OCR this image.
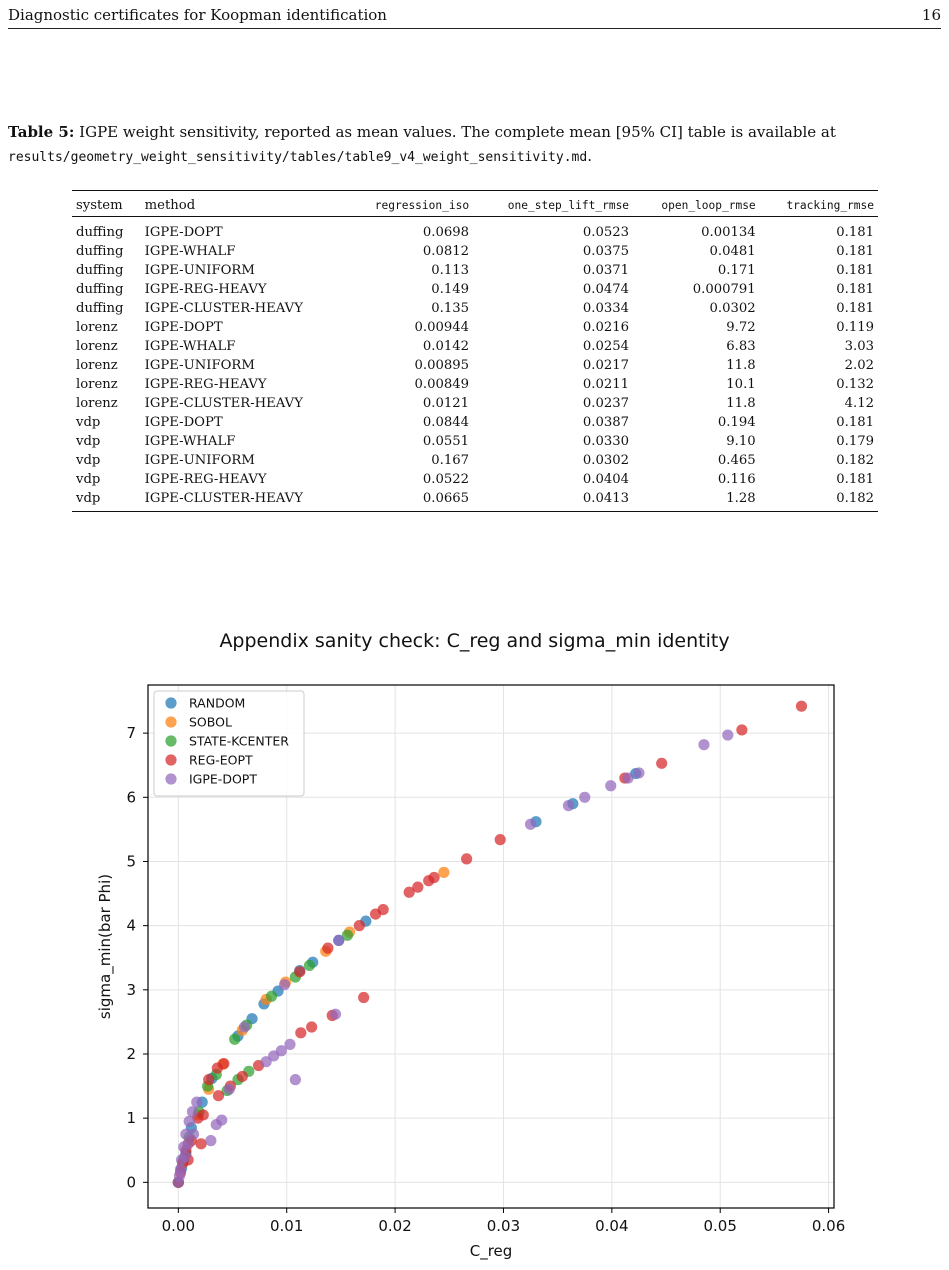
Diagnostic certificates for Koopman identification	16
Table 5: IGPE weight sensitivity, reported as mean values. The complete mean [95% CI] table is available at results/geometry_weight_sensitivity/tables/table9_v4_weight_sensitivity.md.
system	method	regression_iso	one_step_lift_rmse	open_loop_rmse	tracking_rmse
duffing	IGPE-DOPT	0.0698	0.0523	0.00134	0.181
duffing	IGPE-WHALF	0.0812	0.0375	0.0481	0.181
duffing	IGPE-UNIFORM	0.113	0.0371	0.171	0.181
duffing	IGPE-REG-HEAVY	0.149	0.0474	0.000791	0.181
duffing	IGPE-CLUSTER-HEAVY	0.135	0.0334	0.0302	0.181
lorenz	IGPE-DOPT	0.00944	0.0216	9.72	0.119
lorenz	IGPE-WHALF	0.0142	0.0254	6.83	3.03
lorenz	IGPE-UNIFORM	0.00895	0.0217	11.8	2.02
lorenz	IGPE-REG-HEAVY	0.00849	0.0211	10.1	0.132
lorenz	IGPE-CLUSTER-HEAVY	0.0121	0.0237	11.8	4.12
vdp	IGPE-DOPT	0.0844	0.0387	0.194	0.181
vdp	IGPE-WHALF	0.0551	0.0330	9.10	0.179
vdp	IGPE-UNIFORM	0.167	0.0302	0.465	0.182
vdp	IGPE-REG-HEAVY	0.0522	0.0404	0.116	0.181
vdp	IGPE-CLUSTER-HEAVY	0.0665	0.0413	1.28	0.182
Appendix sanity check: C_reg and sigma_min identity
0.00	0.01	0.02	0.03	0.04	0.05	0.06
0
1
2
3
4
5
6
7
C_reg
sigma_min(bar Phi)
RANDOM
SOBOL
STATE-KCENTER
REG-EOPT
IGPE-DOPT
